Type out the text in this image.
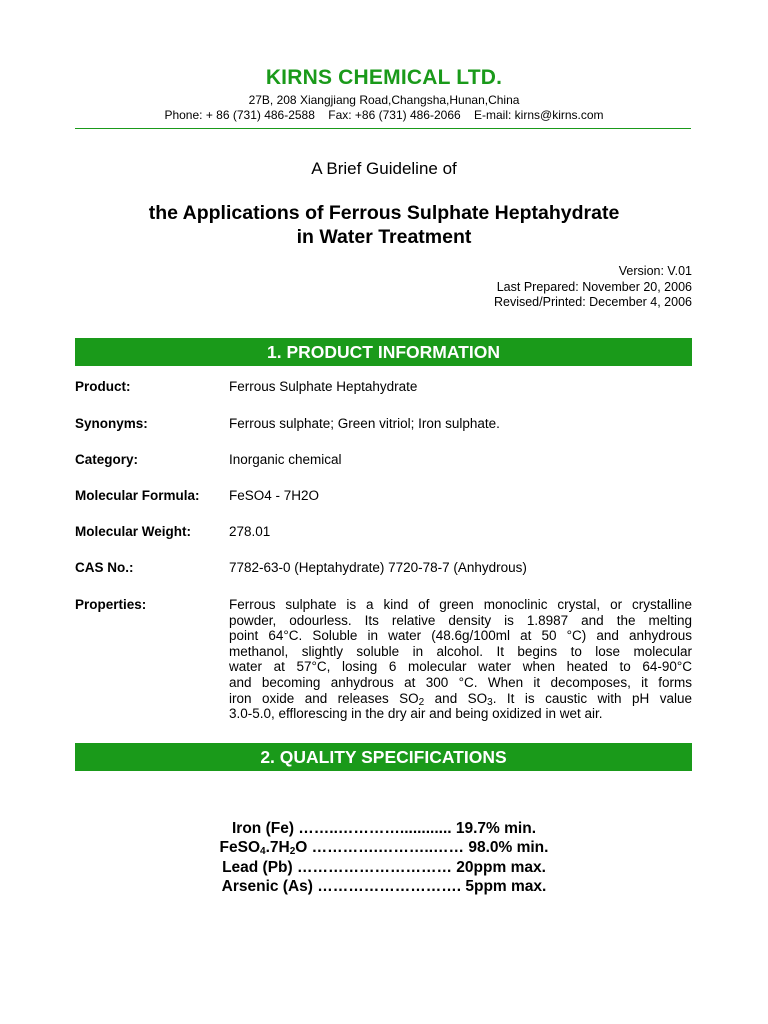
KIRNS CHEMICAL LTD.
27B, 208 Xiangjiang Road,Changsha,Hunan,China
Phone: + 86 (731) 486-2588 Fax: +86 (731) 486-2066 E-mail: kirns@kirns.com
A Brief Guideline of
the Applications of Ferrous Sulphate Heptahydrate
in Water Treatment
Version: V.01
Last Prepared: November 20, 2006
Revised/Printed: December 4, 2006
1. PRODUCT INFORMATION
Product:	Ferrous Sulphate Heptahydrate
Synonyms:	Ferrous sulphate; Green vitriol; Iron sulphate.
Category:	Inorganic chemical
Molecular Formula:	FeSO4 - 7H2O
Molecular Weight:	278.01
CAS No.:	7782-63-0 (Heptahydrate) 7720-78-7 (Anhydrous)
Properties:	Ferrous sulphate is a kind of green monoclinic crystal, or crystalline
powder, odourless. Its relative density is 1.8987 and the melting
point 64°C. Soluble in water (48.6g/100ml at 50 °C) and anhydrous
methanol, slightly soluble in alcohol. It begins to lose molecular
water at 57°C, losing 6 molecular water when heated to 64-90°C
and becoming anhydrous at 300 °C. When it decomposes, it forms
iron oxide and releases $SO_2$ and $SO_3$. It is caustic with pH value
3.0-5.0, efflorescing in the dry air and being oxidized in wet air.
2. QUALITY SPECIFICATIONS
Iron (Fe) ……..…………............ 19.7% min.
$FeSO_4.7H_2O$ ………….………..…… 98.0% min.
Lead (Pb) ………………………… 20ppm max.
Arsenic (As) ………………………. 5ppm max.
